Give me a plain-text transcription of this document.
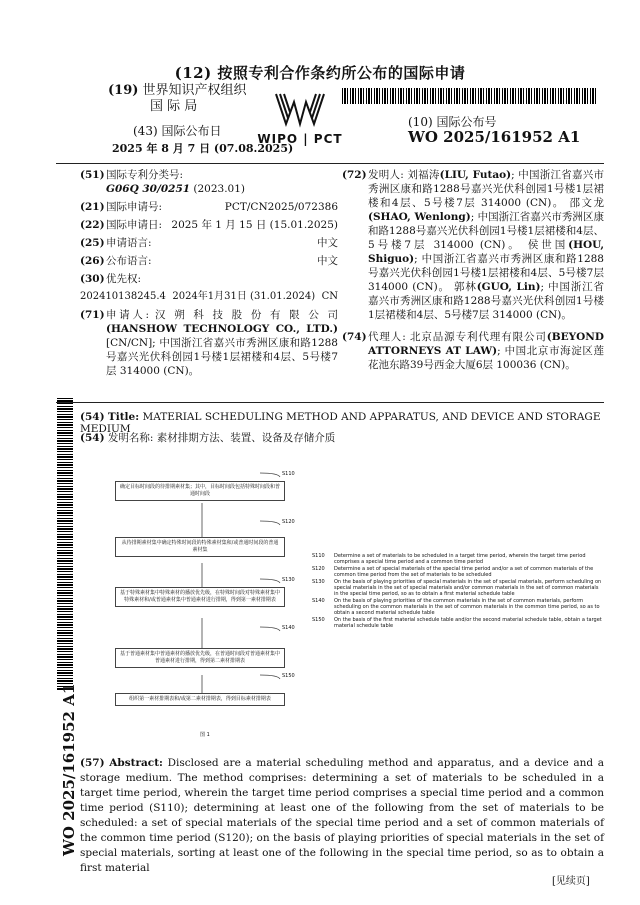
(12) 按照专利合作条约所公布的国际申请
(19) 世界知识产权组织
国 际 局
(43) 国际公布日
2025 年 8 月 7 日 (07.08.2025)
WIPO | PCT
(10) 国际公布号
WO 2025/161952 A1
(51) 国际专利分类号:
G06Q 30/0251 (2023.01)
(21) 国际申请号:	PCT/CN2025/072386
(22) 国际申请日: 2025 年 1 月 15 日 (15.01.2025)
(25) 申请语言:	中文
(26) 公布语言:	中文
(30) 优先权:
202410138245.4 2024年1月31日 (31.01.2024) CN
(71) 申请人: 汉 朔 科 技 股 份 有 限 公 司 (HANSHOW TECHNOLOGY CO., LTD.) [CN/CN]; 中国浙江省嘉兴市秀洲区康和路1288号嘉兴光伏科创园1号楼1层裙楼和4层、5号楼7层 314000 (CN)。
(72) 发明人: 刘福涛(LIU, Futao); 中国浙江省嘉兴市秀洲区康和路1288号嘉兴光伏科创园1号楼1层裙楼和4层、5号楼7层 314000 (CN)。 邵文龙(SHAO, Wenlong); 中国浙江省嘉兴市秀洲区康和路1288号嘉兴光伏科创园1号楼1层裙楼和4层、5号楼7层 314000 (CN)。 侯世国(HOU, Shiguo); 中国浙江省嘉兴市秀洲区康和路1288号嘉兴光伏科创园1号楼1层裙楼和4层、5号楼7层 314000 (CN)。 郭林(GUO, Lin); 中国浙江省嘉兴市秀洲区康和路1288号嘉兴光伏科创园1号楼1层裙楼和4层、5号楼7层 314000 (CN)。
(74) 代理人: 北京品源专利代理有限公司(BEYOND ATTORNEYS AT LAW); 中国北京市海淀区莲花池东路39号西金大厦6层 100036 (CN)。
WO 2025/161952 A1
(54) Title: MATERIAL SCHEDULING METHOD AND APPARATUS, AND DEVICE AND STORAGE MEDIUM
(54) 发明名称: 素材排期方法、装置、设备及存储介质
确定目标时间段的待排期素材集；其中，目标时间段包括特殊时间段和普通时间段
S110
从待排期素材集中确定特殊时间段的特殊素材集和/或普通时间段的普通素材集
S120
基于特殊素材集中特殊素材的播放优先级，在特殊时间段对特殊素材集中特殊素材和/或普通素材集中普通素材进行排期，得到第一素材排期表
S130
基于普通素材集中普通素材的播放优先级，在普通时间段对普通素材集中普通素材进行排期，得到第二素材排期表
S140
组织第一素材排期表和/或第二素材排期表，得到目标素材排期表
S150
图 1
S110	Determine a set of materials to be scheduled in a target time period, wherein the target time period comprises a special time period and a common time period
S120	Determine a set of special materials of the special time period and/or a set of common materials of the common time period from the set of materials to be scheduled
S130	On the basis of playing priorities of special materials in the set of special materials, perform scheduling on special materials in the set of special materials and/or common materials in the set of common materials in the special time period, so as to obtain a first material schedule table
S140	On the basis of playing priorities of the common materials in the set of common materials, perform scheduling on the common materials in the set of common materials in the common time period, so as to obtain a second material schedule table
S150	On the basis of the first material schedule table and/or the second material schedule table, obtain a target material schedule table
(57) Abstract: Disclosed are a material scheduling method and apparatus, and a device and a storage medium. The method comprises: determining a set of materials to be scheduled in a target time period, wherein the target time period comprises a special time period and a common time period (S110); determining at least one of the following from the set of materials to be scheduled: a set of special materials of the special time period and a set of common materials of the common time period (S120); on the basis of playing priorities of special materials in the set of special materials, sorting at least one of the following in the special time period, so as to obtain a first material
[见续页]
